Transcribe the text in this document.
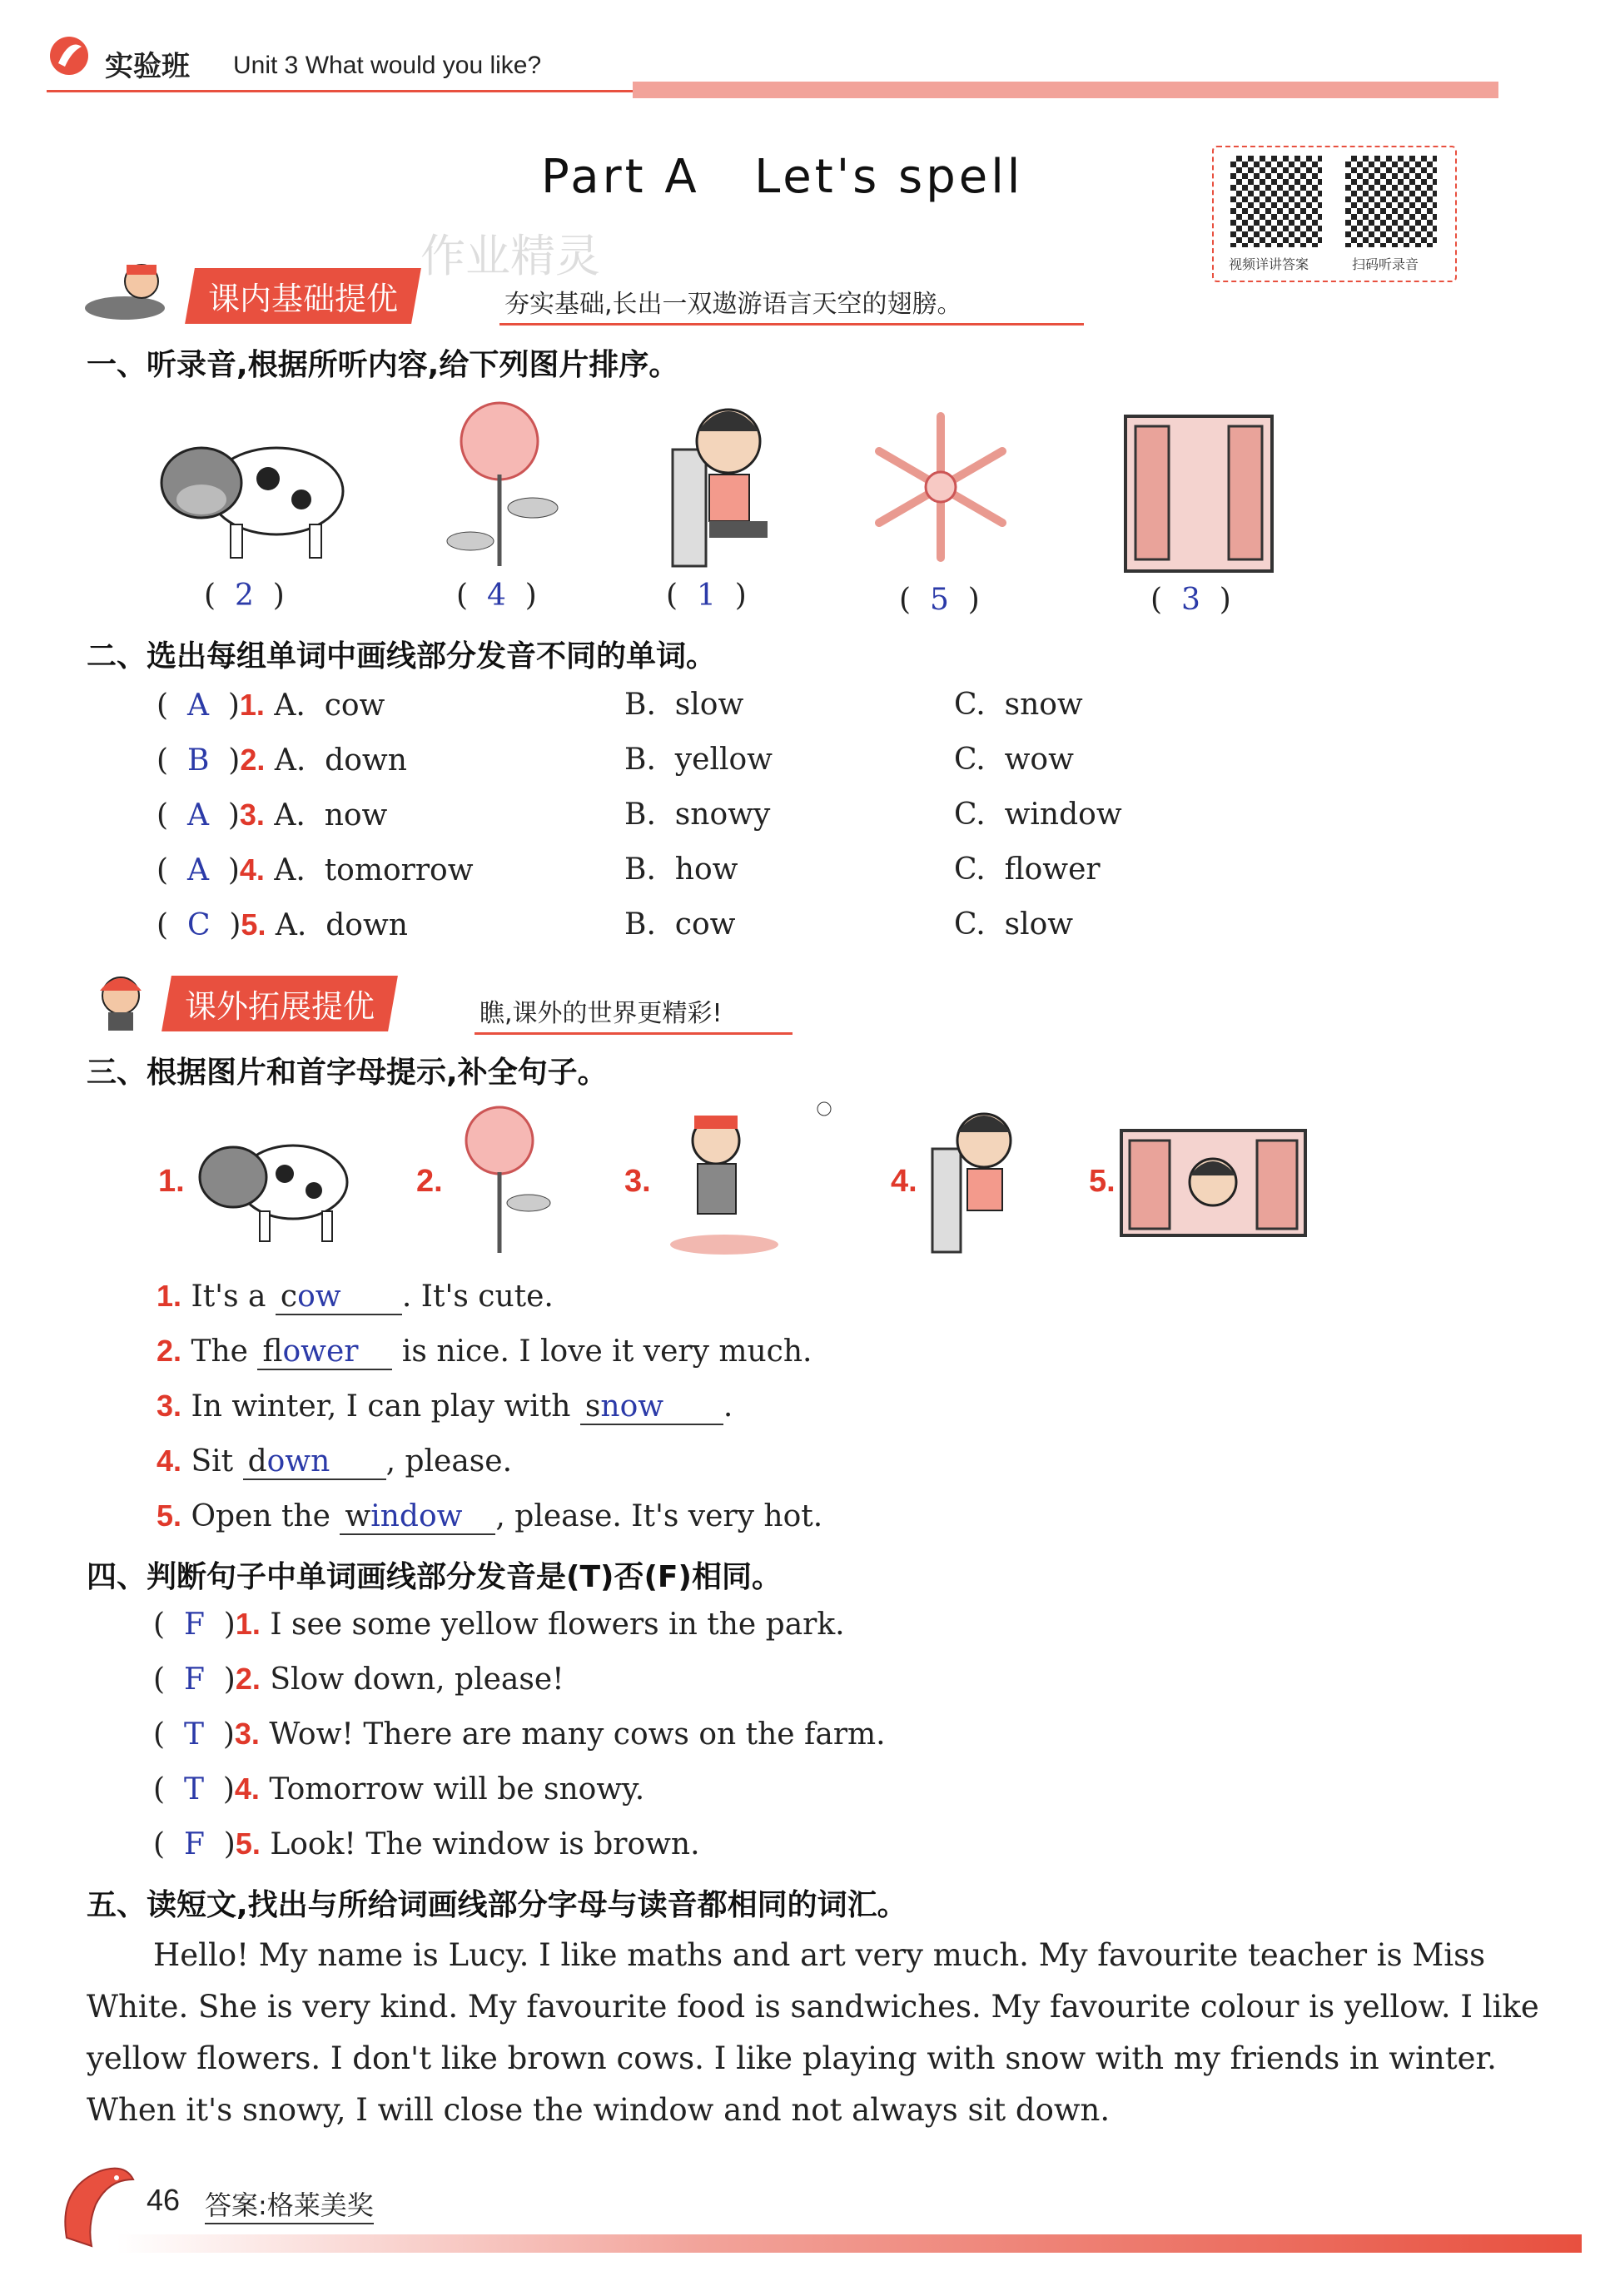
实验班 Unit 3 What would you like?
Part A   Let's spell
视频详讲答案	扫码听录音
作业精灵
课内基础提优	夯实基础,长出一双遨游语言天空的翅膀。
一、听录音,根据所听内容,给下列图片排序。
(  2  )	(  4  )	(  1  )	(  5  )	(  3  )
二、选出每组单词中画线部分发音不同的单词。
(  A  )1. A.  cow	B.  slow	C.  snow
(  B  )2. A.  down	B.  yellow	C.  wow
(  A  )3. A.  now	B.  snowy	C.  window
(  A  )4. A.  tomorrow	B.  how	C.  flower
(  C  )5. A.  down	B.  cow	C.  slow
课外拓展提优	瞧,课外的世界更精彩!
三、根据图片和首字母提示,补全句子。
1.	2.	3.	4.	5.
1. It's a cow . It's cute.
2. The flower is nice. I love it very much.
3. In winter, I can play with snow .
4. Sit down , please.
5. Open the window , please. It's very hot.
四、判断句子中单词画线部分发音是(T)否(F)相同。
(  F  )1. I see some yellow flowers in the park.
(  F  )2. Slow down, please!
(  T  )3. Wow! There are many cows on the farm.
(  T  )4. Tomorrow will be snowy.
(  F  )5. Look! The window is brown.
五、读短文,找出与所给词画线部分字母与读音都相同的词汇。
Hello! My name is Lucy. I like maths and art very much. My favourite teacher is Miss
White. She is very kind. My favourite food is sandwiches. My favourite colour is yellow. I like
yellow flowers. I don't like brown cows. I like playing with snow with my friends in winter.
When it's snowy, I will close the window and not always sit down.
46 答案:格莱美奖
